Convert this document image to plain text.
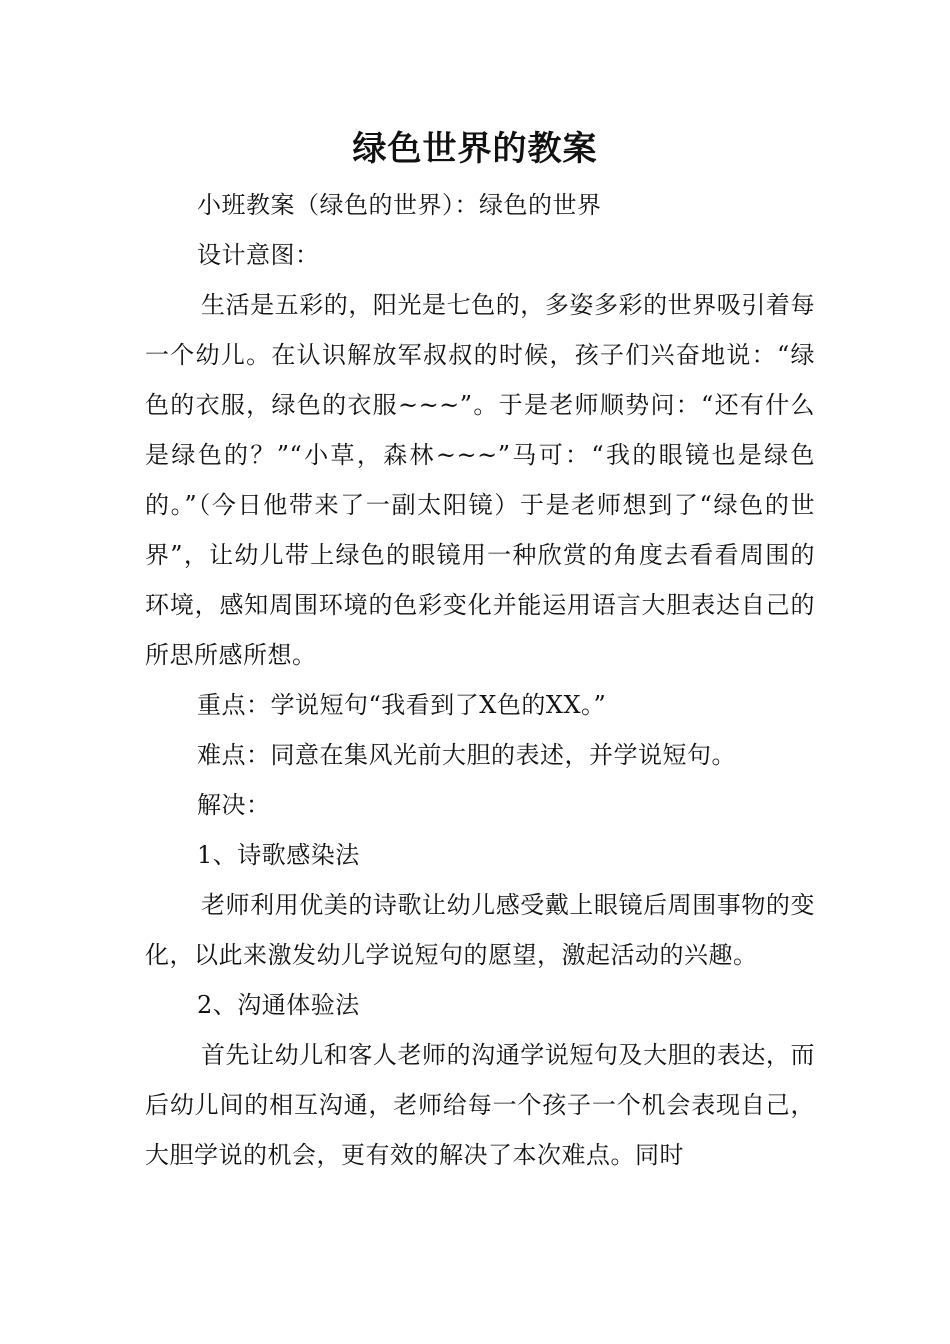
绿色世界的教案

小班教案（绿色的世界）：绿色的世界

设计意图：

生活是五彩的，阳光是七色的，多姿多彩的世界吸引着每一个幼儿。在认识解放军叔叔的时候，孩子们兴奋地说：“绿色的衣服，绿色的衣服~~~”。于是老师顺势问：“还有什么是绿色的？”“小草，森林~~~”马可：“我的眼镜也是绿色的。”（今日他带来了一副太阳镜）于是老师想到了“绿色的世界”，让幼儿带上绿色的眼镜用一种欣赏的角度去看看周围的环境，感知周围环境的色彩变化并能运用语言大胆表达自己的所思所感所想。

重点：学说短句“我看到了X色的XX。”

难点：同意在集风光前大胆的表述，并学说短句。

解决：

1、诗歌感染法

老师利用优美的诗歌让幼儿感受戴上眼镜后周围事物的变化，以此来激发幼儿学说短句的愿望，激起活动的兴趣。

2、沟通体验法

首先让幼儿和客人老师的沟通学说短句及大胆的表达，而后幼儿间的相互沟通，老师给每一个孩子一个机会表现自己，大胆学说的机会，更有效的解决了本次难点。同时
